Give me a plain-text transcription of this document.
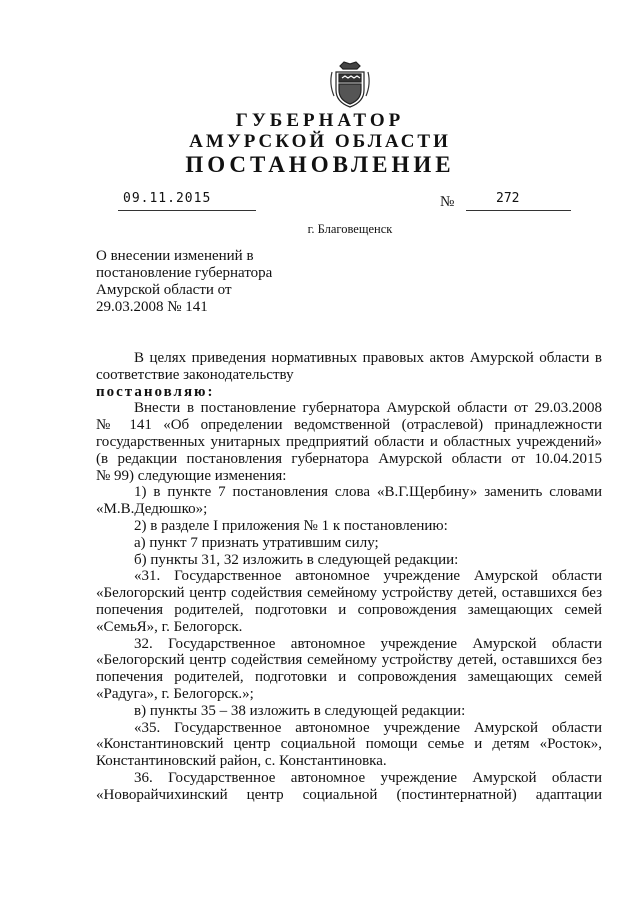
ГУБЕРНАТОР
АМУРСКОЙ ОБЛАСТИ
ПОСТАНОВЛЕНИЕ
09.11.2015	№	272
г. Благовещенск
О внесении изменений в
постановление губернатора
Амурской области от
29.03.2008 № 141
В целях приведения нормативных правовых актов Амурской области в
соответствие законодательству
постановляю:
Внести в постановление губернатора Амурской области от 29.03.2008
№ 141 «Об определении ведомственной (отраслевой) принадлежности
государственных унитарных предприятий области и областных учреждений»
(в редакции постановления губернатора Амурской области от 10.04.2015
№ 99) следующие изменения:
1) в пункте 7 постановления слова «В.Г.Щербину» заменить словами
«М.В.Дедюшко»;
2) в разделе I приложения № 1 к постановлению:
а) пункт 7 признать утратившим силу;
б) пункты 31, 32 изложить в следующей редакции:
«31. Государственное автономное учреждение Амурской области
«Белогорский центр содействия семейному устройству детей, оставшихся без
попечения родителей, подготовки и сопровождения замещающих семей
«СемьЯ», г. Белогорск.
32. Государственное автономное учреждение Амурской области
«Белогорский центр содействия семейному устройству детей, оставшихся без
попечения родителей, подготовки и сопровождения замещающих семей
«Радуга», г. Белогорск.»;
в) пункты 35 – 38 изложить в следующей редакции:
«35. Государственное автономное учреждение Амурской области
«Константиновский центр социальной помощи семье и детям «Росток»,
Константиновский район, с. Константиновка.
36. Государственное автономное учреждение Амурской области
«Новорайчихинский центр социальной (постинтернатной) адаптации
